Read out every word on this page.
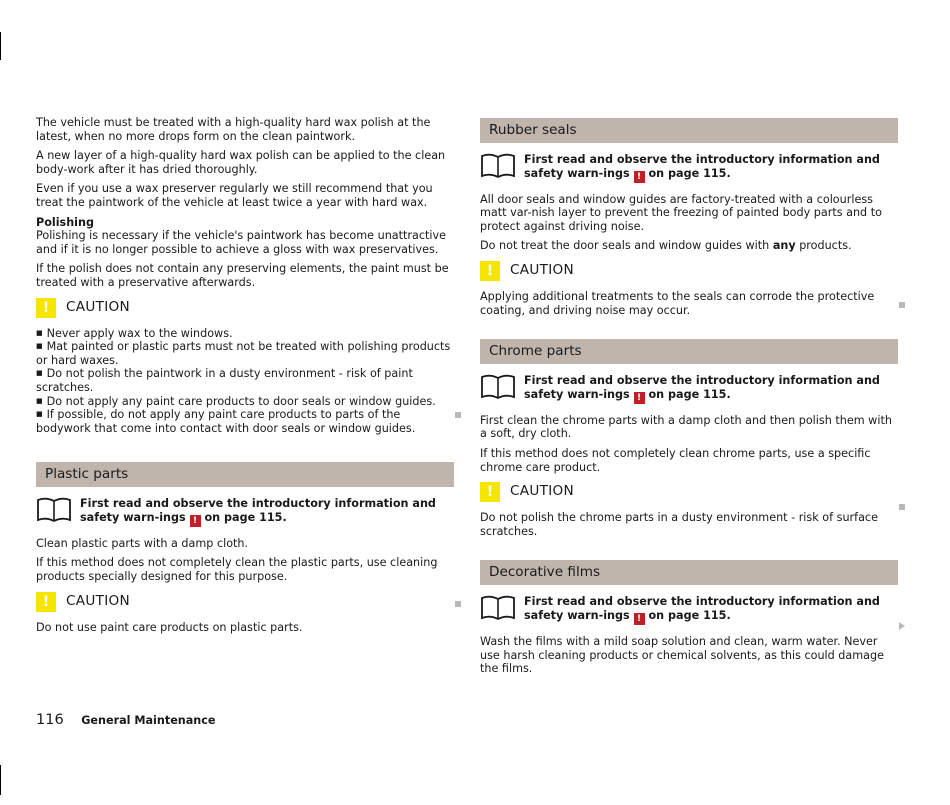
The vehicle must be treated with a high-quality hard wax polish at the latest, when no more drops form on the clean paintwork.

A new layer of a high-quality hard wax polish can be applied to the clean body-work after it has dried thoroughly.

Even if you use a wax preserver regularly we still recommend that you treat the paintwork of the vehicle at least twice a year with hard wax.

Polishing

Polishing is necessary if the vehicle's paintwork has become unattractive and if it is no longer possible to achieve a gloss with wax preservatives.

If the polish does not contain any preserving elements, the paint must be treated with a preservative afterwards.

!	CAUTION
■ Never apply wax to the windows.
■ Mat painted or plastic parts must not be treated with polishing products or hard waxes.
■ Do not polish the paintwork in a dusty environment - risk of paint scratches.
■ Do not apply any paint care products to door seals or window guides.
■ If possible, do not apply any paint care products to parts of the bodywork that come into contact with door seals or window guides.
Plastic parts
First read and observe the introductory information and safety warn-ings ! on page 115.

Clean plastic parts with a damp cloth.

If this method does not completely clean the plastic parts, use cleaning products specially designed for this purpose.

!	CAUTION

Do not use paint care products on plastic parts.

Rubber seals
First read and observe the introductory information and safety warn-ings ! on page 115.

All door seals and window guides are factory-treated with a colourless matt var-nish layer to prevent the freezing of painted body parts and to protect against driving noise.

Do not treat the door seals and window guides with any products.

!	CAUTION

Applying additional treatments to the seals can corrode the protective coating, and driving noise may occur.

Chrome parts
First read and observe the introductory information and safety warn-ings ! on page 115.

First clean the chrome parts with a damp cloth and then polish them with a soft, dry cloth.

If this method does not completely clean chrome parts, use a specific chrome care product.

!	CAUTION

Do not polish the chrome parts in a dusty environment - risk of surface scratches.

Decorative films
First read and observe the introductory information and safety warn-ings ! on page 115.

Wash the films with a mild soap solution and clean, warm water. Never use harsh cleaning products or chemical solvents, as this could damage the films.

116 General Maintenance
